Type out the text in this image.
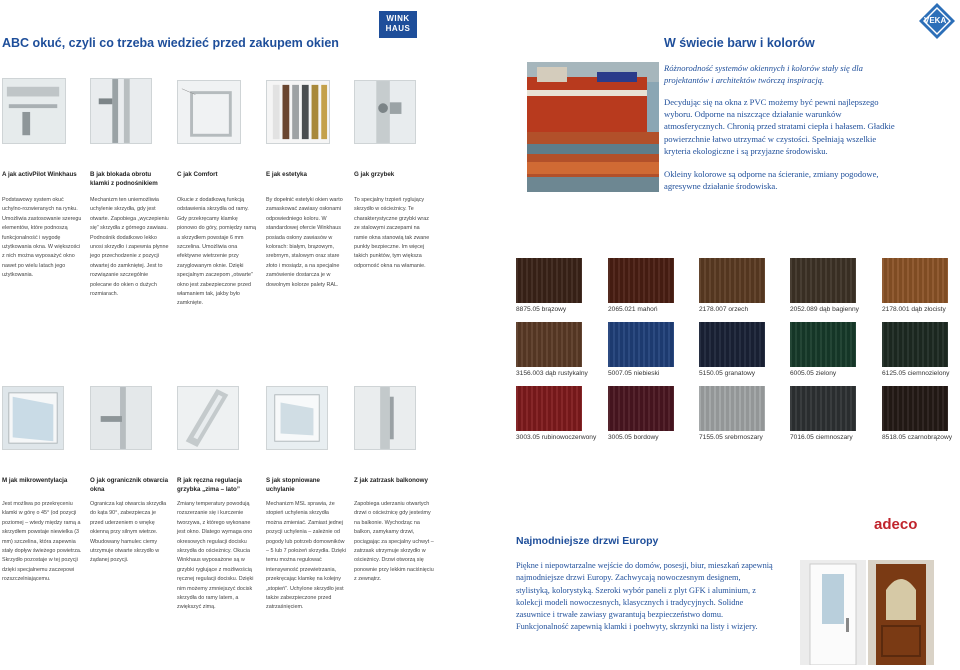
ABC okuć, czyli co trzeba wiedzieć przed zakupem okien
WINK HAUS
VEKA
W świecie barw i kolorów
Różnorodność systemów okiennych i kolorów stały się dla projektantów i architektów twórczą inspiracją.
Decydując się na okna z PVC możemy być pewni najlepszego wyboru. Odporne na niszczące działanie warunków atmosferycznych. Chronią przed stratami ciepła i hałasem. Gładkie powierzchnie łatwo utrzymać w czystości. Spełniają wszelkie kryteria ekologiczne i są przyjazne środowisku.
Okleiny kolorowe są odporne na ścieranie, zmiany pogodowe, agresywne działanie środowiska.
A jak activPilot Winkhaus
Podstawowy system okuć uchylno-rozwieranych na rynku. Umożliwia zastosowanie szeregu elementów, które podnoszą funkcjonalność i wygodę użytkowania okna. W większości z nich można wyposażyć okno nawet po wielu latach jego użytkowania.
B jak blokada obrotu klamki z podnośnikiem
Mechanizm ten uniemożliwia uchylenie skrzydła, gdy jest otwarte. Zapobiega „wyczepieniu się” skrzydła z górnego zawiasu. Podnośnik dodatkowo lekko unosi skrzydło i zapewnia płynne jego przechodzenie z pozycji otwartej do zamkniętej. Jest to rozwiązanie szczególnie polecane do okien o dużych rozmiarach.
C jak Comfort
Okucie z dodatkową funkcją odstawienia skrzydła od ramy. Gdy przekręcamy klamkę pionowo do góry, pomiędzy ramą a skrzydłem powstaje 6 mm szczelina. Umożliwia ona efektywne wietrzenie przy zaryglowanym oknie. Dzięki specjalnym zaczepom „otwarte” okno jest zabezpieczone przed włamaniem tak, jakby było zamknięte.
E jak estetyka
By dopełnić estetyki okien warto zamaskować zawiasy osłonami odpowiedniego koloru. W standardowej ofercie Winkhaus posiada osłony zawiasów w kolorach: białym, brązowym, srebrnym, stalowym oraz stare złoto i mosiądz, a na specjalne zamówienie dostarcza je w dowolnym kolorze palety RAL.
G jak grzybek
To specjalny trzpień ryglujący skrzydło w ościeżnicy. Te charakterystyczne grzybki wraz ze stalowymi zaczepami na ramie okna stanowią tak zwane punkty bezpieczne. Im więcej takich punktów, tym większa odporność okna na włamanie.
M jak mikrowentylacja
Jest możliwa po przekręceniu klamki w górę o 45° (od pozycji poziomej – wtedy między ramą a skrzydłem powstaje niewielka (3 mm) szczelina, która zapewnia stały dopływ świeżego powietrza. Skrzydło pozostaje w tej pozycji dzięki specjalnemu zaczepowi rozszczelniającemu.
O jak ogranicznik otwarcia okna
Ogranicza kąt otwarcia skrzydła do kąta 90°, zabezpiecza je przed uderzeniem o wnękę okienną przy silnym wietrze. Wbudowany hamulec ciemy utrzymuje otwarte skrzydło w żądanej pozycji.
R jak ręczna regulacja grzybka „zima – lato”
Zmiany temperatury powodują rozszerzanie się i kurczenie tworzywa, z którego wykonane jest okno. Dlatego wymaga ono okresowych regulacji docisku skrzydła do ościeżnicy. Okucia Winkhaus wyposażone są w grzybki ryglujące z możliwością ręcznej regulacji docisku. Dzięki nim możemy zmniejszyć docisk skrzydła do ramy latem, a zwiększyć zimą.
S jak stopniowane uchylanie
Mechanizm MSL sprawia, że stopień uchylenia skrzydła można zmieniać. Zamiast jednej pozycji uchylenia – zależnie od pogody lub potrzeb domowników – 5 lub 7 położeń skrzydła. Dzięki temu można regulować intensywność przewietrzania, przekręcając klamkę na kolejny „stopień”. Uchylone skrzydło jest także zabezpieczone przed zatrzaśnięciem.
Z jak zatrzask balkonowy
Zapobiega uderzaniu otwartych drzwi o ościeżnicę gdy jesteśmy na balkonie. Wychodząc na balkon, zamykamy drzwi, pociągając za specjalny uchwyt – zatrzask utrzymuje skrzydło w ościeżnicy. Drzwi otworzą się ponownie przy lekkim naciśnięciu z zewnątrz.
8875.05 brązowy	2065.021 mahoń	2178.007 orzech	2052.089 dąb bagienny	2178.001 dąb złocisty
3156.003 dąb rustykalny	5007.05 niebieski	5150.05 granatowy	6005.05 zielony	6125.05 ciemnozielony
3003.05 rubinowoczerwony 3005.05 bordowy	7155.05 srebrnoszary	7016.05 ciemnoszary	8518.05 czarnobrązowy
adeco
Najmodniejsze drzwi Europy
Piękne i niepowtarzalne wejście do domów, posesji, biur, mieszkań zapewnią najmodniejsze drzwi Europy. Zachwycają nowoczesnym designem, stylistyką, kolorystyką. Szeroki wybór paneli z plyt GFK i aluminium, z kolekcji modeli nowoczesnych, klasycznych i tradycyjnych. Solidne zasuwnice i trwałe zawiasy gwarantują bezpieczeństwo domu. Funkcjonalność zapewnią klamki i poehwyty, skrzynki na listy i wizjery.
